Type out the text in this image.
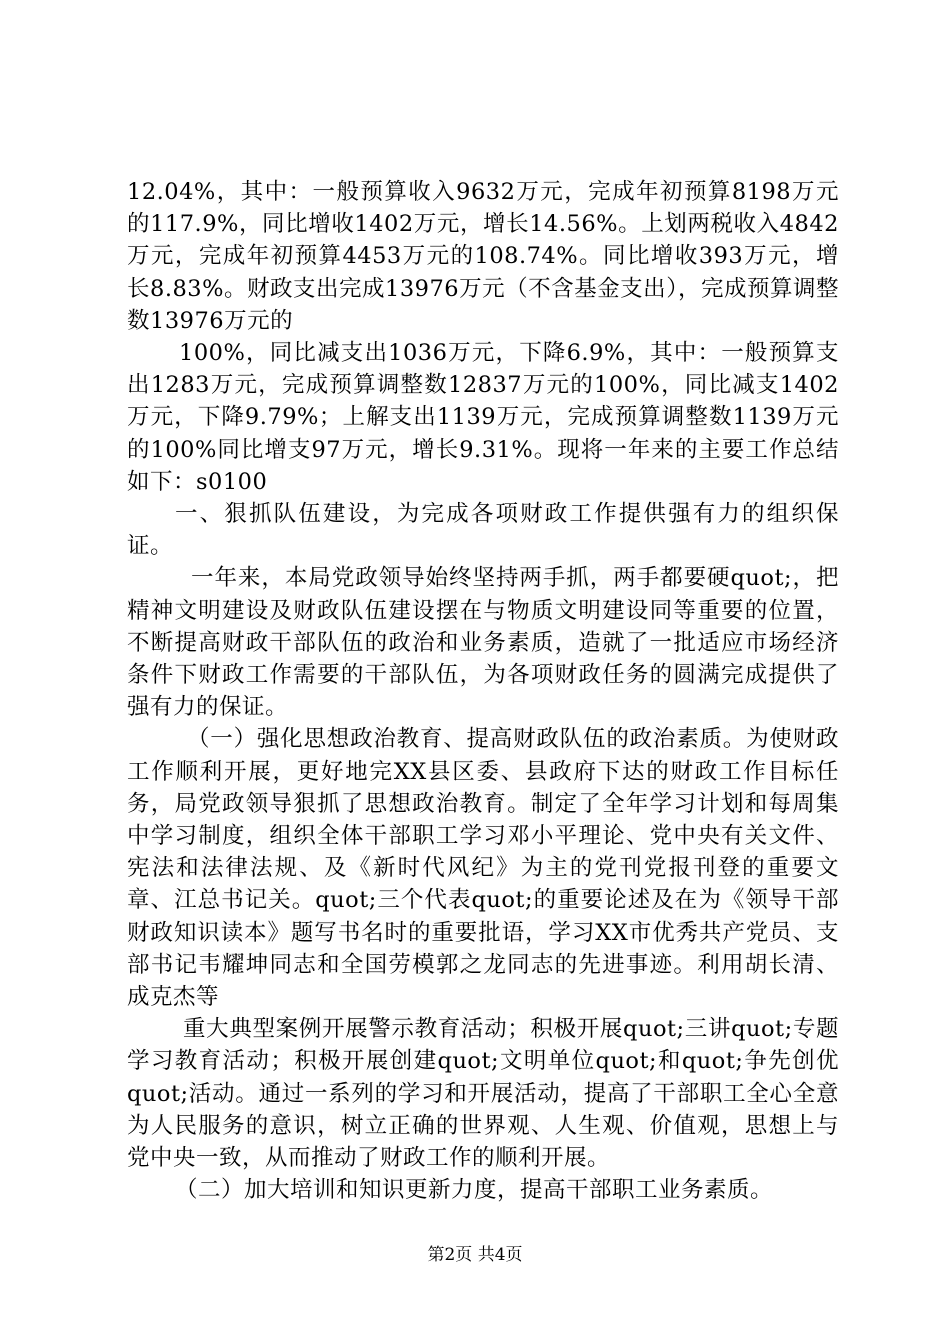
12.04%，其中：一般预算收入9632万元，完成年初预算8198万元的117.9%，同比增收1402万元，增长14.56%。上划两税收入4842万元，完成年初预算4453万元的108.74%。同比增收393万元，增长8.83%。财政支出完成13976万元（不含基金支出），完成预算调整数13976万元的

100%，同比减支出1036万元，下降6.9%，其中：一般预算支出1283万元，完成预算调整数12837万元的100%，同比减支1402万元，下降9.79%；上解支出1139万元，完成预算调整数1139万元的100%同比增支97万元，增长9.31%。现将一年来的主要工作总结如下：s0100

一、狠抓队伍建设，为完成各项财政工作提供强有力的组织保证。

一年来，本局党政领导始终坚持两手抓，两手都要硬quot;，把精神文明建设及财政队伍建设摆在与物质文明建设同等重要的位置，不断提高财政干部队伍的政治和业务素质，造就了一批适应市场经济条件下财政工作需要的干部队伍，为各项财政任务的圆满完成提供了强有力的保证。

（一）强化思想政治教育、提高财政队伍的政治素质。为使财政工作顺利开展，更好地完XX县区委、县政府下达的财政工作目标任务，局党政领导狠抓了思想政治教育。制定了全年学习计划和每周集中学习制度，组织全体干部职工学习邓小平理论、党中央有关文件、宪法和法律法规、及《新时代风纪》为主的党刊党报刊登的重要文章、江总书记关。quot;三个代表quot;的重要论述及在为《领导干部财政知识读本》题写书名时的重要批语，学习XX市优秀共产党员、支部书记韦耀坤同志和全国劳模郭之龙同志的先进事迹。利用胡长清、成克杰等

重大典型案例开展警示教育活动；积极开展quot;三讲quot;专题学习教育活动；积极开展创建quot;文明单位quot;和quot;争先创优quot;活动。通过一系列的学习和开展活动，提高了干部职工全心全意为人民服务的意识，树立正确的世界观、人生观、价值观，思想上与党中央一致，从而推动了财政工作的顺利开展。

（二）加大培训和知识更新力度，提高干部职工业务素质。

第2页 共4页
